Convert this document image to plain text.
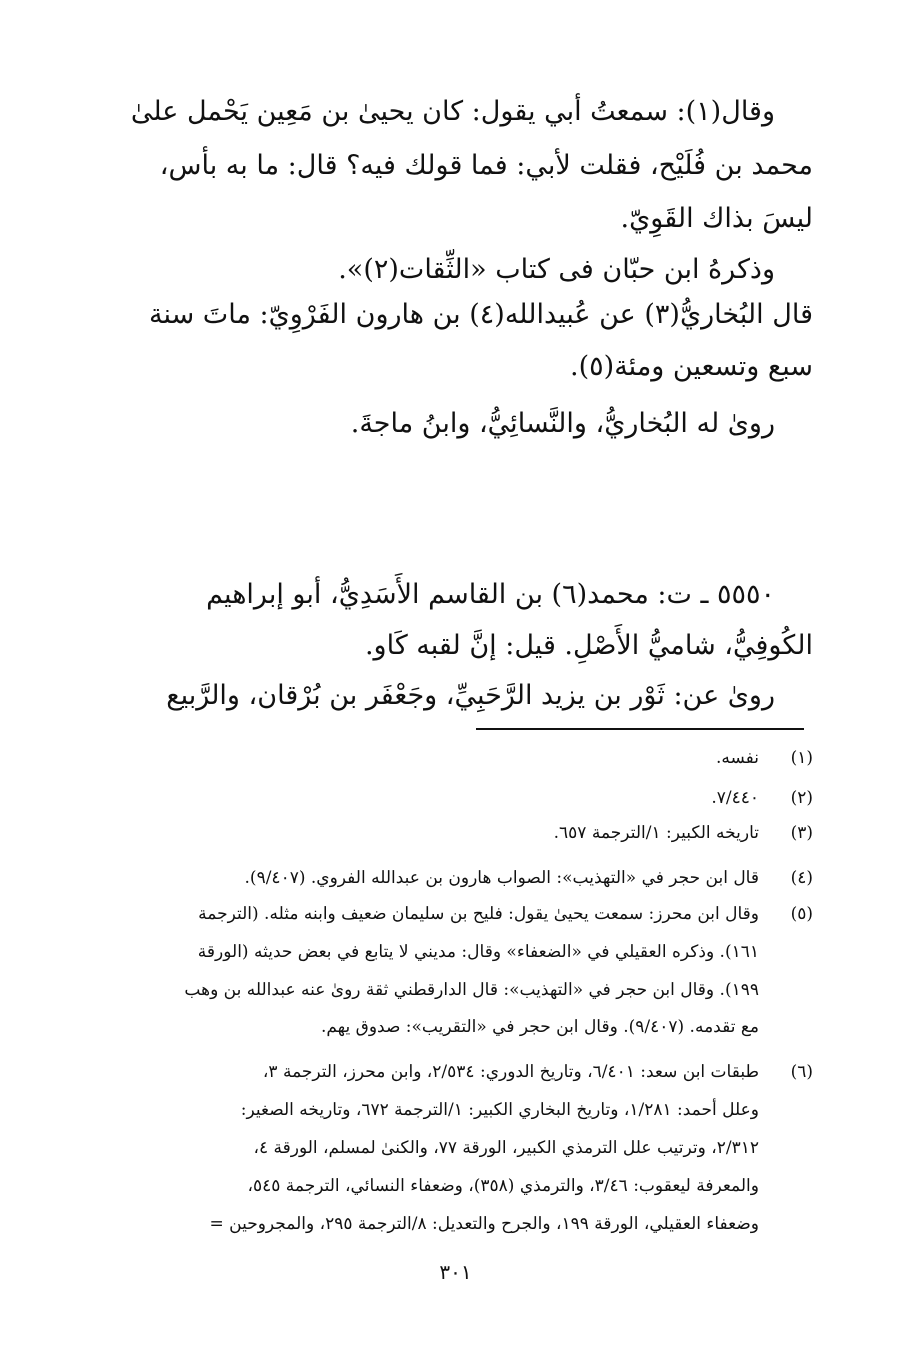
وقال(١): سمعتُ أبي يقول: كان يحيىٰ بن مَعِين يَحْمل علىٰ
محمد بن فُلَيْح، فقلت لأبي: فما قولك فيه؟ قال: ما به بأس،
ليسَ بذاك القَوِيّ.
وذكرهُ ابن حبّان فى كتاب «الثِّقات(٢)».
قال البُخاريُّ(٣) عن عُبيدالله(٤) بن هارون الفَرْوِيّ: ماتَ سنة
سبع وتسعين ومئة(٥).
روىٰ له البُخاريُّ، والنَّسائِيُّ، وابنُ ماجةَ.
٥٥٥٠ ـ ت: محمد(٦) بن القاسم الأَسَدِيُّ، أبو إبراهيم
الكُوفِيُّ، شاميُّ الأَصْلِ. قيل: إنَّ لقبه كَاو.
روىٰ عن: ثَوْر بن يزيد الرَّحَبِيِّ، وجَعْفَر بن بُرْقان، والرَّبيع
(١)
نفسه.
(٢)
٧/٤٤٠.
(٣)
تاريخه الكبير: ١/الترجمة ٦٥٧.
(٤)
قال ابن حجر في «التهذيب»: الصواب هارون بن عبدالله الفروي. (٩/٤٠٧).
(٥)
وقال ابن محرز: سمعت يحيىٰ يقول: فليح بن سليمان ضعيف وابنه مثله. (الترجمة
١٦١). وذكره العقيلي في «الضعفاء» وقال: مديني لا يتابع في بعض حديثه (الورقة
١٩٩). وقال ابن حجر في «التهذيب»: قال الدارقطني ثقة روىٰ عنه عبدالله بن وهب
مع تقدمه. (٩/٤٠٧). وقال ابن حجر في «التقريب»: صدوق يهم.
(٦)
طبقات ابن سعد: ٦/٤٠١، وتاريخ الدوري: ٢/٥٣٤، وابن محرز، الترجمة ٣،
وعلل أحمد: ١/٢٨١، وتاريخ البخاري الكبير: ١/الترجمة ٦٧٢، وتاريخه الصغير:
٢/٣١٢، وترتيب علل الترمذي الكبير، الورقة ٧٧، والكنىٰ لمسلم، الورقة ٤،
والمعرفة ليعقوب: ٣/٤٦، والترمذي (٣٥٨)، وضعفاء النسائي، الترجمة ٥٤٥،
وضعفاء العقيلي، الورقة ١٩٩، والجرح والتعديل: ٨/الترجمة ٢٩٥، والمجروحين =
٣٠١
